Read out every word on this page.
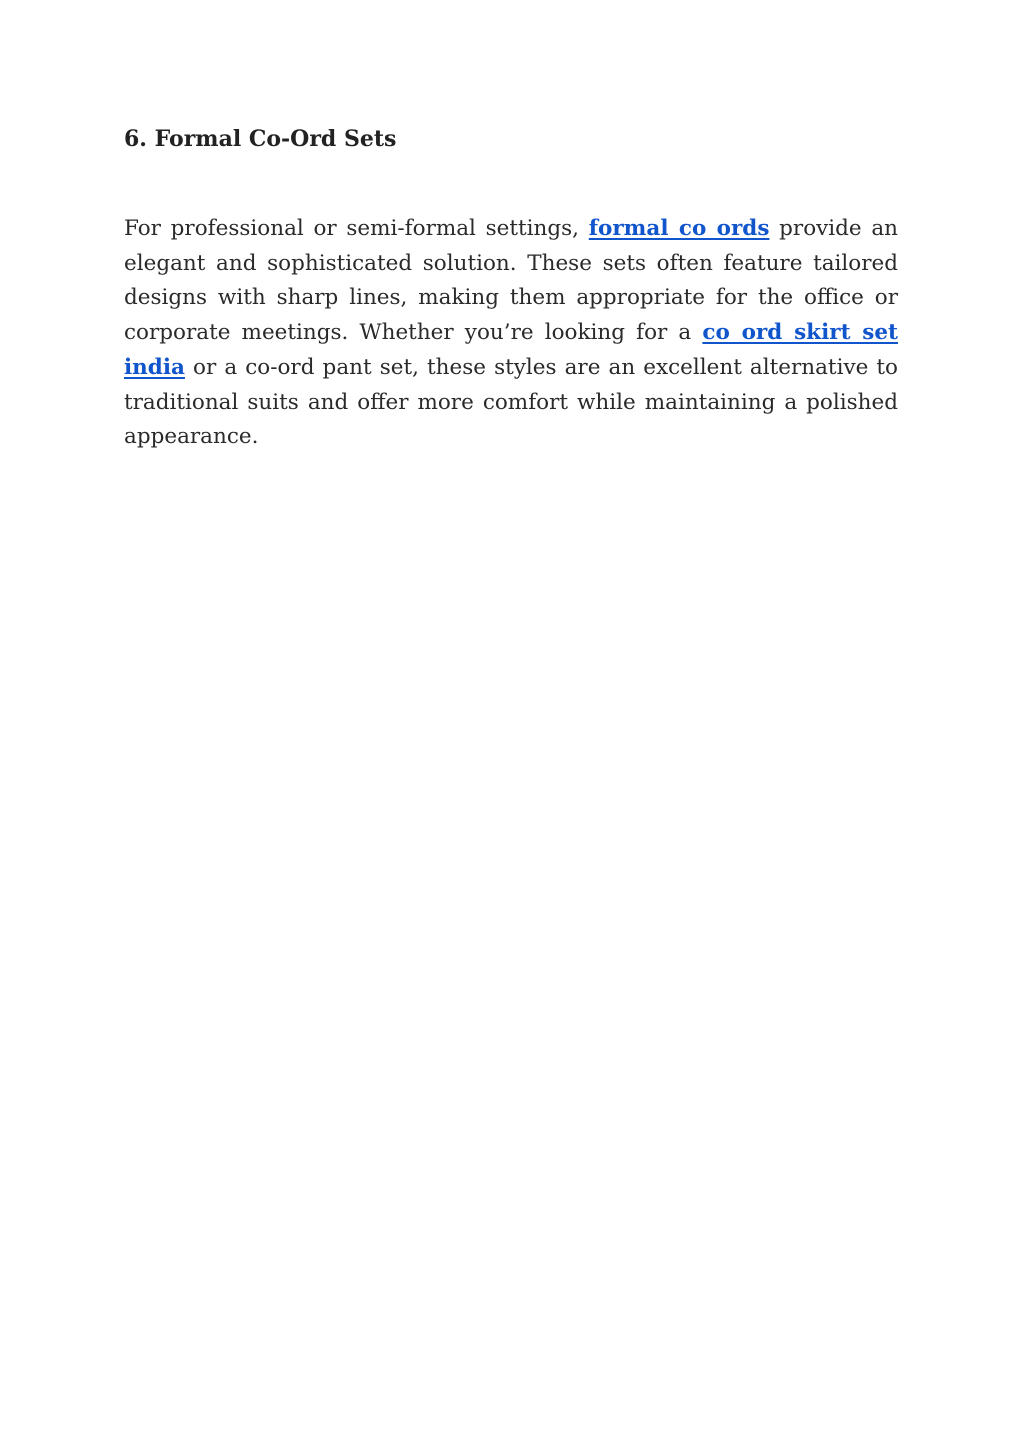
6. Formal Co-Ord Sets

For professional or semi-formal settings, formal co ords provide an elegant and sophisticated solution. These sets often feature tailored designs with sharp lines, making them appropriate for the office or corporate meetings. Whether you’re looking for a co ord skirt set india or a co-ord pant set, these styles are an excellent alternative to traditional suits and offer more comfort while maintaining a polished appearance.
